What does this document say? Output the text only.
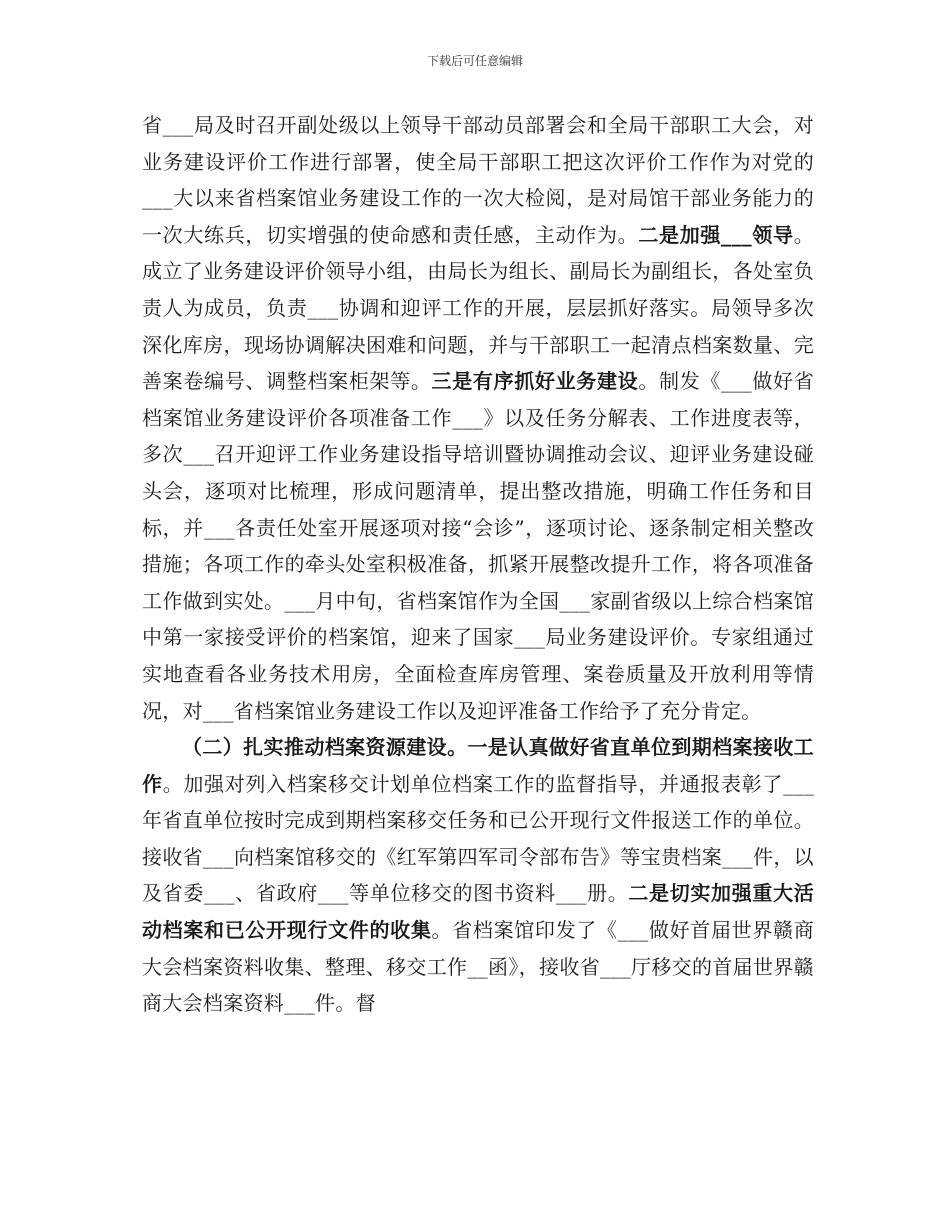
下载后可任意编辑

省___局及时召开副处级以上领导干部动员部署会和全局干部职工大会，对业务建设评价工作进行部署，使全局干部职工把这次评价工作作为对党的___大以来省档案馆业务建设工作的一次大检阅，是对局馆干部业务能力的一次大练兵，切实增强的使命感和责任感，主动作为。二是加强___领导。成立了业务建设评价领导小组，由局长为组长、副局长为副组长，各处室负责人为成员，负责___协调和迎评工作的开展，层层抓好落实。局领导多次深化库房，现场协调解决困难和问题，并与干部职工一起清点档案数量、完善案卷编号、调整档案柜架等。三是有序抓好业务建设。制发《___做好省档案馆业务建设评价各项准备工作___》以及任务分解表、工作进度表等，多次___召开迎评工作业务建设指导培训暨协调推动会议、迎评业务建设碰头会，逐项对比梳理，形成问题清单，提出整改措施，明确工作任务和目标，并___各责任处室开展逐项对接“会诊”，逐项讨论、逐条制定相关整改措施；各项工作的牵头处室积极准备，抓紧开展整改提升工作，将各项准备工作做到实处。___月中旬，省档案馆作为全国___家副省级以上综合档案馆中第一家接受评价的档案馆，迎来了国家___局业务建设评价。专家组通过实地查看各业务技术用房，全面检查库房管理、案卷质量及开放利用等情况，对___省档案馆业务建设工作以及迎评准备工作给予了充分肯定。

（二）扎实推动档案资源建设。一是认真做好省直单位到期档案接收工作。加强对列入档案移交计划单位档案工作的监督指导，并通报表彰了___年省直单位按时完成到期档案移交任务和已公开现行文件报送工作的单位。接收省___向档案馆移交的《红军第四军司令部布告》等宝贵档案___件，以及省委___、省政府___等单位移交的图书资料___册。二是切实加强重大活动档案和已公开现行文件的收集。省档案馆印发了《___做好首届世界赣商大会档案资料收集、整理、移交工作__函》，接收省___厅移交的首届世界赣商大会档案资料___件。督
